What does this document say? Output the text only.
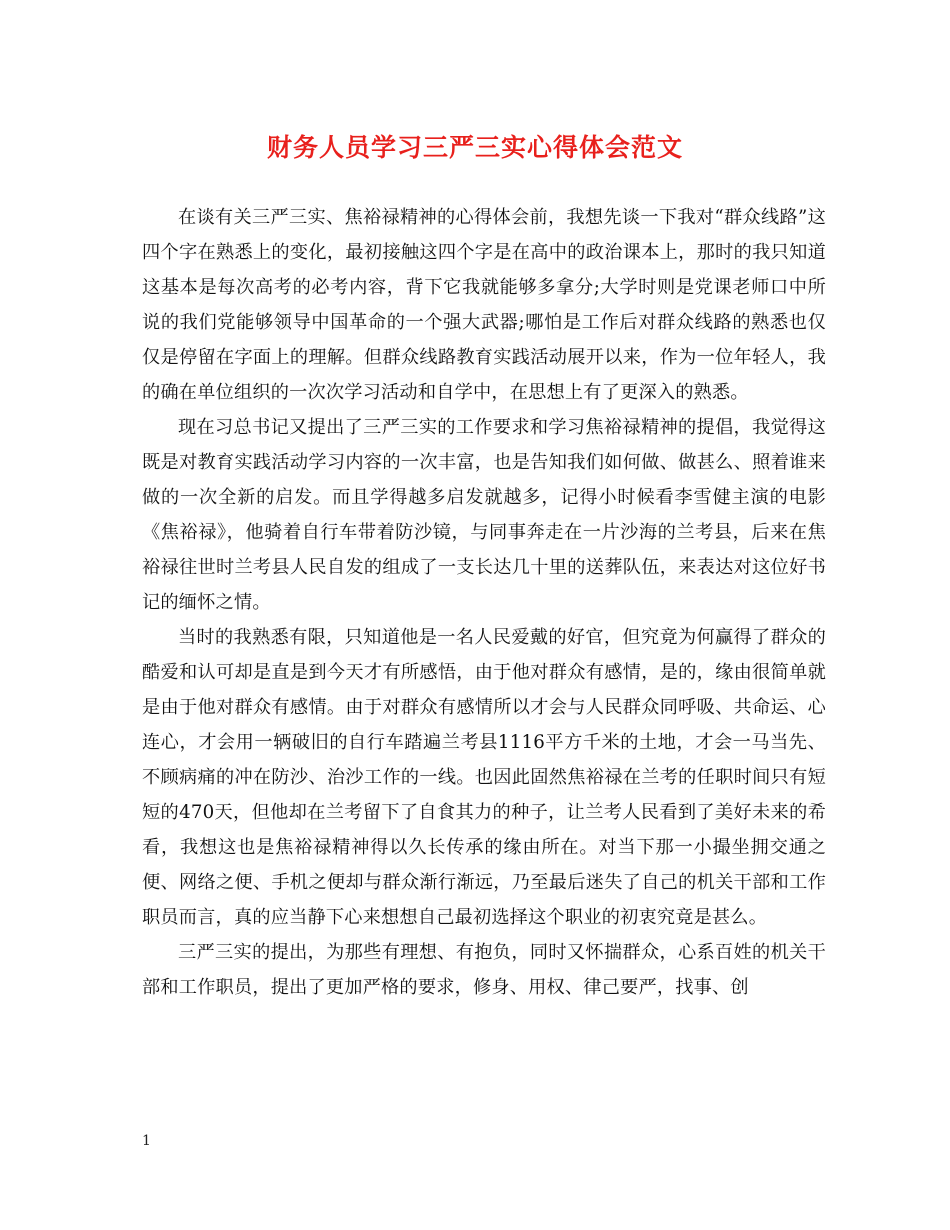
财务人员学习三严三实心得体会范文

在谈有关三严三实、焦裕禄精神的心得体会前，我想先谈一下我对“群众线路”这四个字在熟悉上的变化，最初接触这四个字是在高中的政治课本上，那时的我只知道这基本是每次高考的必考内容，背下它我就能够多拿分;大学时则是党课老师口中所说的我们党能够领导中国革命的一个强大武器;哪怕是工作后对群众线路的熟悉也仅仅是停留在字面上的理解。但群众线路教育实践活动展开以来，作为一位年轻人，我的确在单位组织的一次次学习活动和自学中，在思想上有了更深入的熟悉。

现在习总书记又提出了三严三实的工作要求和学习焦裕禄精神的提倡，我觉得这既是对教育实践活动学习内容的一次丰富，也是告知我们如何做、做甚么、照着谁来做的一次全新的启发。而且学得越多启发就越多，记得小时候看李雪健主演的电影《焦裕禄》，他骑着自行车带着防沙镜，与同事奔走在一片沙海的兰考县，后来在焦裕禄往世时兰考县人民自发的组成了一支长达几十里的送葬队伍，来表达对这位好书记的缅怀之情。

当时的我熟悉有限，只知道他是一名人民爱戴的好官，但究竟为何赢得了群众的酷爱和认可却是直是到今天才有所感悟，由于他对群众有感情，是的，缘由很简单就是由于他对群众有感情。由于对群众有感情所以才会与人民群众同呼吸、共命运、心连心，才会用一辆破旧的自行车踏遍兰考县1116平方千米的土地，才会一马当先、不顾病痛的冲在防沙、治沙工作的一线。也因此固然焦裕禄在兰考的任职时间只有短短的470天，但他却在兰考留下了自食其力的种子，让兰考人民看到了美好未来的希看，我想这也是焦裕禄精神得以久长传承的缘由所在。对当下那一小撮坐拥交通之便、网络之便、手机之便却与群众渐行渐远，乃至最后迷失了自己的机关干部和工作职员而言，真的应当静下心来想想自己最初选择这个职业的初衷究竟是甚么。

三严三实的提出，为那些有理想、有抱负，同时又怀揣群众，心系百姓的机关干部和工作职员，提出了更加严格的要求，修身、用权、律己要严，找事、创

1
